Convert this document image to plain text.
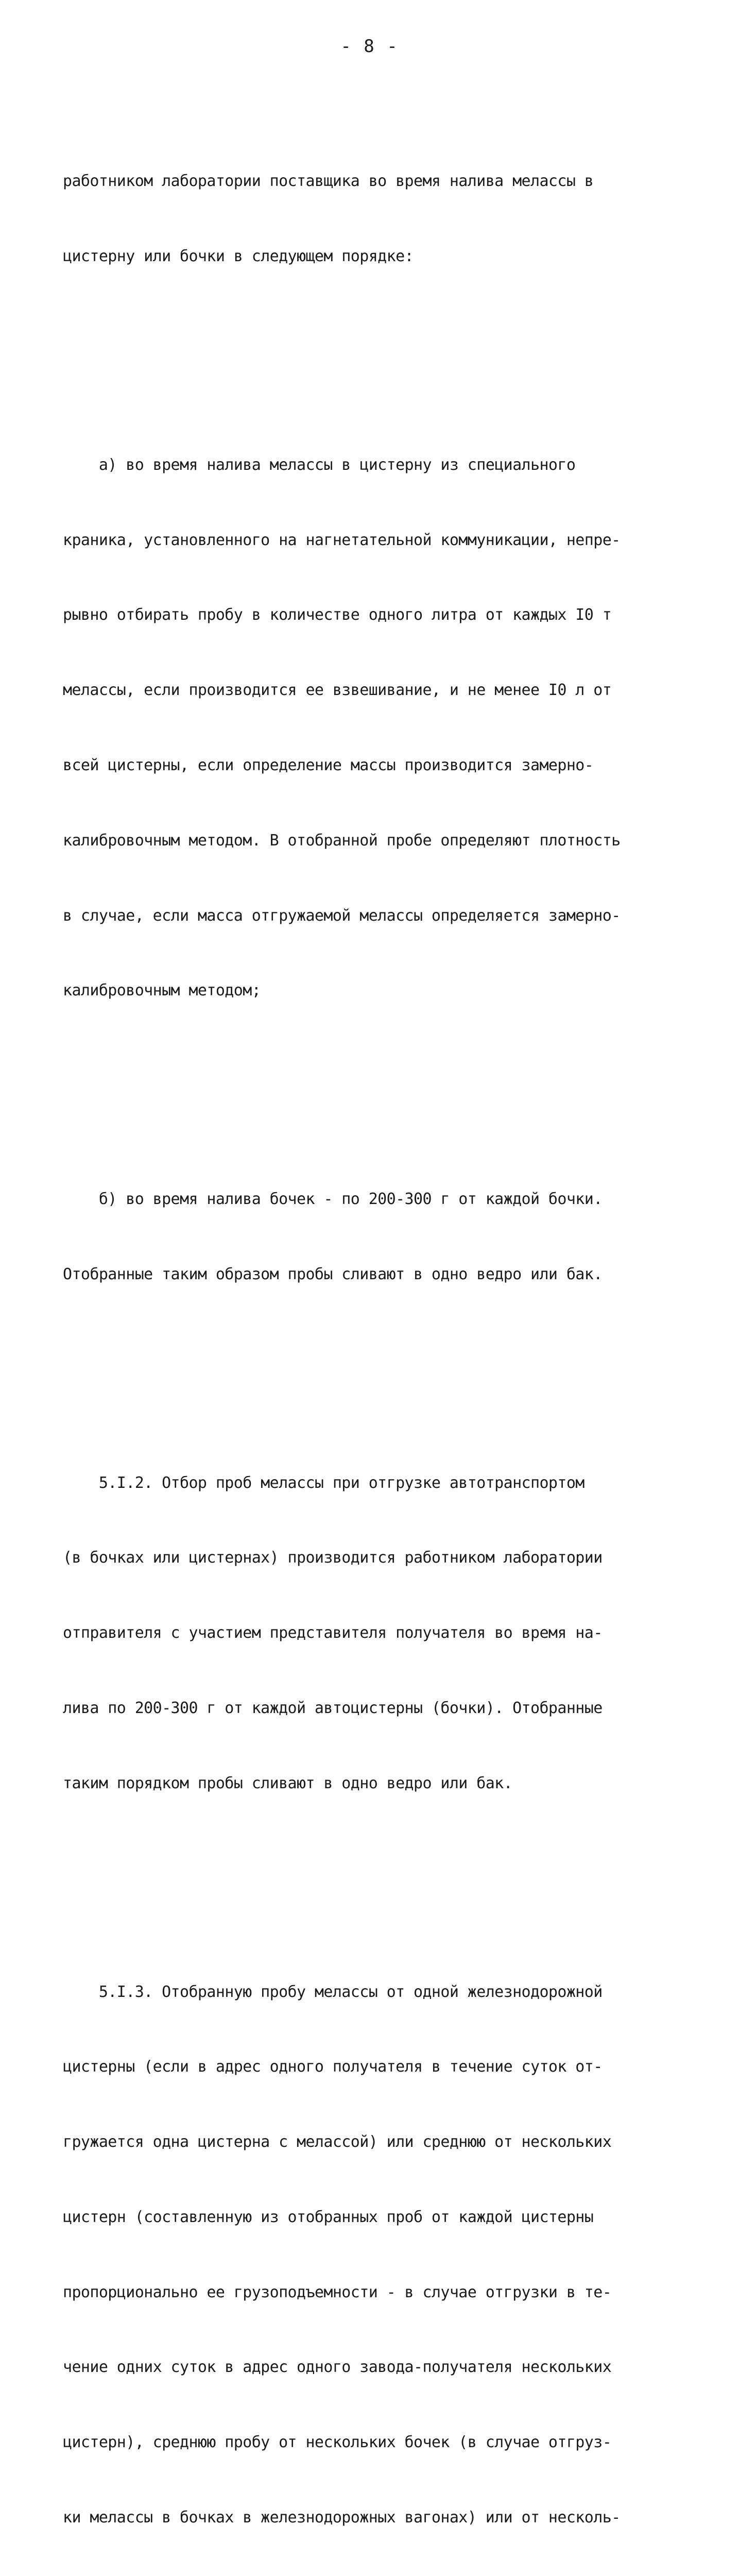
- 8 -

работником лаборатории поставщика во время налива мелассы в

цистерну или бочки в следующем порядке:

а) во время налива мелассы в цистерну из специального

краника, установленного на нагнетательной коммуникации, непре-

рывно отбирать пробу в количестве одного литра от каждых I0 т

мелассы, если производится ее взвешивание, и не менее I0 л от

всей цистерны, если определение массы производится замерно-

калибровочным методом. В отобранной пробе определяют плотность

в случае, если масса отгружаемой мелассы определяется замерно-

калибровочным методом;

б) во время налива бочек - по 200-300 г от каждой бочки.

Отобранные таким образом пробы сливают в одно ведро или бак.

5.I.2. Отбор проб мелассы при отгрузке автотранспортом

(в бочках или цистернах) производится работником лаборатории

отправителя с участием представителя получателя во время на-

лива по 200-300 г от каждой автоцистерны (бочки). Отобранные

таким порядком пробы сливают в одно ведро или бак.

5.I.3. Отобранную пробу мелассы от одной железнодорожной

цистерны (если в адрес одного получателя в течение суток от-

гружается одна цистерна с мелассой) или среднюю от нескольких

цистерн (составленную из отобранных проб от каждой цистерны

пропорционально ее грузоподъемности - в случае отгрузки в те-

чение одних суток в адрес одного завода-получателя нескольких

цистерн), среднюю пробу от нескольких бочек (в случае отгруз-

ки мелассы в бочках в железнодорожных вагонах) или от несколь-
